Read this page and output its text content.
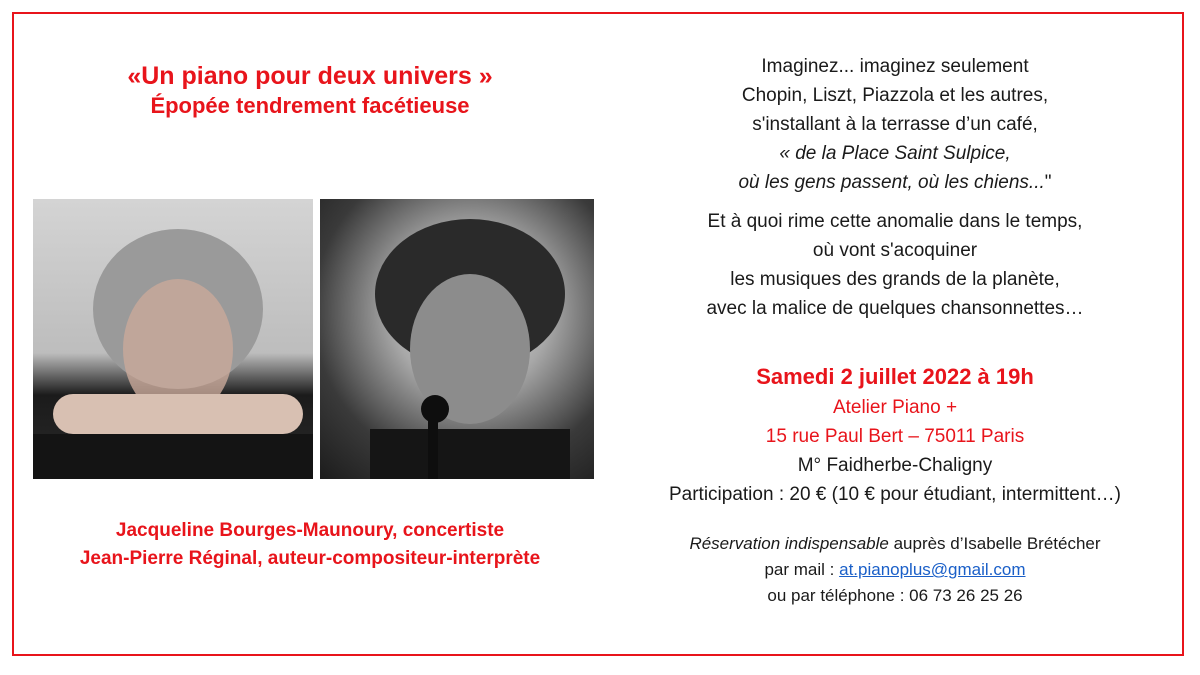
«Un piano pour deux univers »
Épopée tendrement facétieuse
Jacqueline Bourges-Maunoury, concertiste
Jean-Pierre Réginal, auteur-compositeur-interprète
Imaginez... imaginez seulement
Chopin, Liszt, Piazzola et les autres,
s'installant à la terrasse d’un café,
« de la Place Saint Sulpice,
où les gens passent, où les chiens..."
Et à quoi rime cette anomalie dans le temps,
où vont s'acoquiner
les musiques des grands de la planète,
avec la malice de quelques chansonnettes…
Samedi 2 juillet 2022 à 19h
Atelier Piano +
15 rue Paul Bert – 75011 Paris
M° Faidherbe-Chaligny
Participation : 20 € (10 € pour étudiant, intermittent…)
Réservation indispensable auprès d’Isabelle Brétécher
par mail : at.pianoplus@gmail.com
ou par téléphone : 06 73 26 25 26
